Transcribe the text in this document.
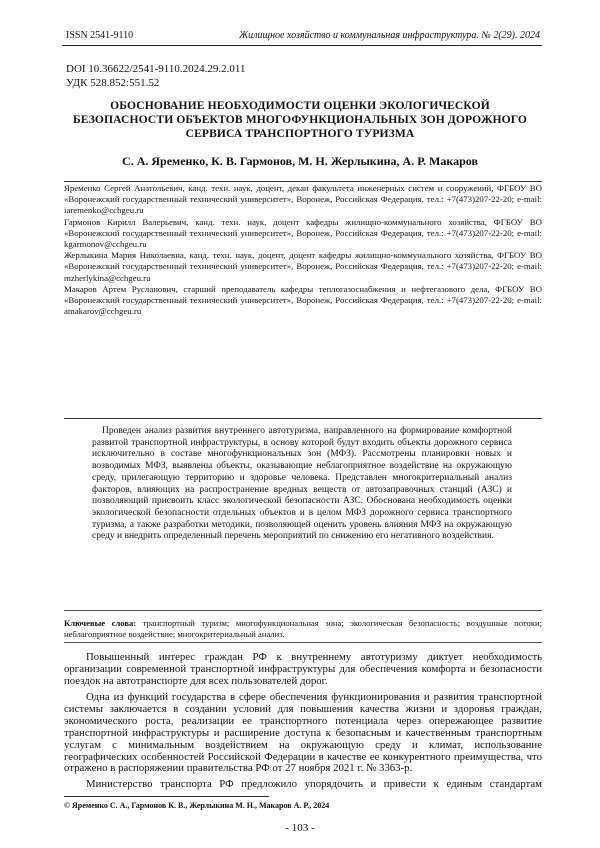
ISSN 2541-9110	Жилищное хозяйство и коммунальная инфраструктура. № 2(29). 2024
DOI 10.36622/2541-9110.2024.29.2.011
УДК 528.852:551.52
ОБОСНОВАНИЕ НЕОБХОДИМОСТИ ОЦЕНКИ ЭКОЛОГИЧЕСКОЙ БЕЗОПАСНОСТИ ОБЪЕКТОВ МНОГОФУНКЦИОНАЛЬНЫХ ЗОН ДОРОЖНОГО СЕРВИСА ТРАНСПОРТНОГО ТУРИЗМА
С. А. Яременко, К. В. Гармонов, М. Н. Жерлыкина, А. Р. Макаров

Яременко Сергей Анатольевич, канд. техн. наук, доцент, декан факультета инженерных систем и сооружений, ФГБОУ ВО «Воронежский государственный технический университет», Воронеж, Российская Федерация, тел.: +7(473)207-22-20; e-mail: iaremenko@cchgeu.ru

Гармонов Кирилл Валерьевич, канд. техн. наук, доцент кафедры жилищно-коммунального хозяйства, ФГБОУ ВО «Воронежский государственный технический университет», Воронеж, Российская Федерация, тел.: +7(473)207-22-20; e-mail: kgarmonov@cchgeu.ru

Жерлыкина Мария Николаевна, канд. техн. наук, доцент, доцент кафедры жилищно-коммунального хозяйства, ФГБОУ ВО «Воронежский государственный технический университет», Воронеж, Российская Федерация, тел.: +7(473)207-22-20; e-mail: mzherlykina@cchgeu.ru

Макаров Артем Русланович, старший преподаватель кафедры теплогазоснабжения и нефтегазового дела, ФГБОУ ВО «Воронежский государственный технический университет», Воронеж, Российская Федерация, тел.: +7(473)207-22-20; e-mail: amakarov@cchgeu.ru

Проведен анализ развития внутреннего автотуризма, направленного на формирование комфортной развитой транспортной инфраструктуры, в основу которой будут входить объекты дорожного сервиса исключительно в составе многофункциональных зон (МФЗ). Рассмотрены планировки новых и возводимых МФЗ, выявлены объекты, оказывающие неблагоприятное воздействие на окружающую среду, прилегающую территорию и здоровье человека. Представлен многокритериальный анализ факторов, влияющих на распространение вредных веществ от автозаправочных станций (АЗС) и позволяющий присвоить класс экологической безопасности АЗС. Обоснована необходимость оценки экологической безопасности отдельных объектов и в целом МФЗ дорожного сервиса транспортного туризма, а также разработки методики, позволяющей оценить уровень влияния МФЗ на окружающую среду и внедрить определенный перечень мероприятий по снижению его негативного воздействия.

Ключевые слова: транспортный туризм; многофункциональная зона; экологическая безопасность; воздушные потоки; неблагоприятное воздействие; многокритериальный анализ.

Повышенный интерес граждан РФ к внутреннему автотуризму диктует необходимость организации современной транспортной инфраструктуры для обеспечения комфорта и безопасности поездок на автотранспорте для всех пользователей дорог.

Одна из функций государства в сфере обеспечения функционирования и развития транспортной системы заключается в создании условий для повышения качества жизни и здоровья граждан, экономического роста, реализации ее транспортного потенциала через опережающее развитие транспортной инфраструктуры и расширение доступа к безопасным и качественным транспортным услугам с минимальным воздействием на окружающую среду и климат, использование географических особенностей Российской Федерации в качестве ее конкурентного преимущества, что отражено в распоряжении правительства РФ от 27 ноября 2021 г. № 3363-р.

Министерство транспорта РФ предложило упорядочить и привести к единым стандартам

© Яременко С. А., Гармонов К. В., Жерлыкина М. Н., Макаров А. Р., 2024
- 103 -
